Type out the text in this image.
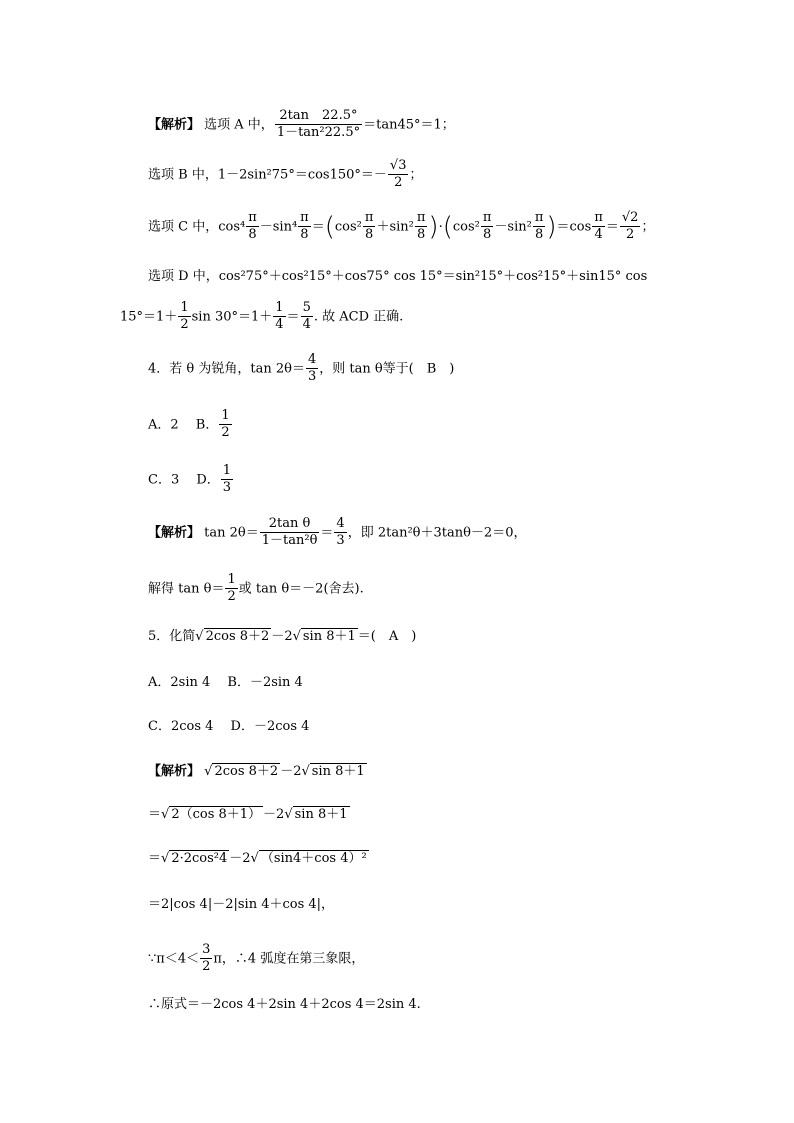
【解析】 选项 A 中， $\frac{2\tan 22.5^\circ}{\text{1－tan²22.5°}} =\tan 45^\circ=1$；
选项 B 中，$1-2\sin^275^\circ=\cos 150^\circ=- \frac{√3}{2}$ ；
选项 C 中，$\cos^4 \frac{\pi}{8} -\sin^4 \frac{\pi}{8} =(\cos^2 \frac{\pi}{8} +\sin^2 \frac{\pi}{8} )\cdot(\cos^2 \frac{\pi}{8} -\sin^2 \frac{\pi}{8} )=\cos \frac{\pi}{4} = \frac{√2}{2}$ ；
选项 D 中，cos²75°＋cos²15°＋cos75° cos 15°＝sin²15°＋cos²15°＋sin15° cos
$15^\circ=1+ \frac{1}{2}$ $\sin 30^\circ=1+ \frac{1}{4} = \frac{5}{4}$ . 故 ACD 正确.
4．若 θ 为锐角，$\tan 2\theta= \frac{4}{3}$ ，则 tan θ等于(　B　)
A．2　 B． $\frac{1}{2}$
C．3　 D． $\frac{1}{3}$
【解析】 $\tan 2\theta= \frac{\text{2tan θ}}{\text{1－tan²θ}} = \frac{4}{3}$ ，即 2tan²θ＋3tanθ－2＝0，
解得 $\tan \theta= \frac{1}{2}$ 或 tan θ＝－2(舍去).
5．化简√ 2cos 8＋2 －2√ sin 8＋1 ＝(　A　)
A．2sin 4　 B．－2sin 4
C．2cos 4　 D．－2cos 4
【解析】 √ 2cos 8＋2 －2√ sin 8＋1
＝√ 2（cos 8＋1） －2√ sin 8＋1
＝√ 2·2cos²4 －2√ （sin4＋cos 4）²
＝2|cos 4|－2|sin 4＋cos 4|，
∵π＜4＜ $\frac{3}{2}$ π，∴4 弧度在第三象限，
∴原式＝－2cos 4＋2sin 4＋2cos 4＝2sin 4.
